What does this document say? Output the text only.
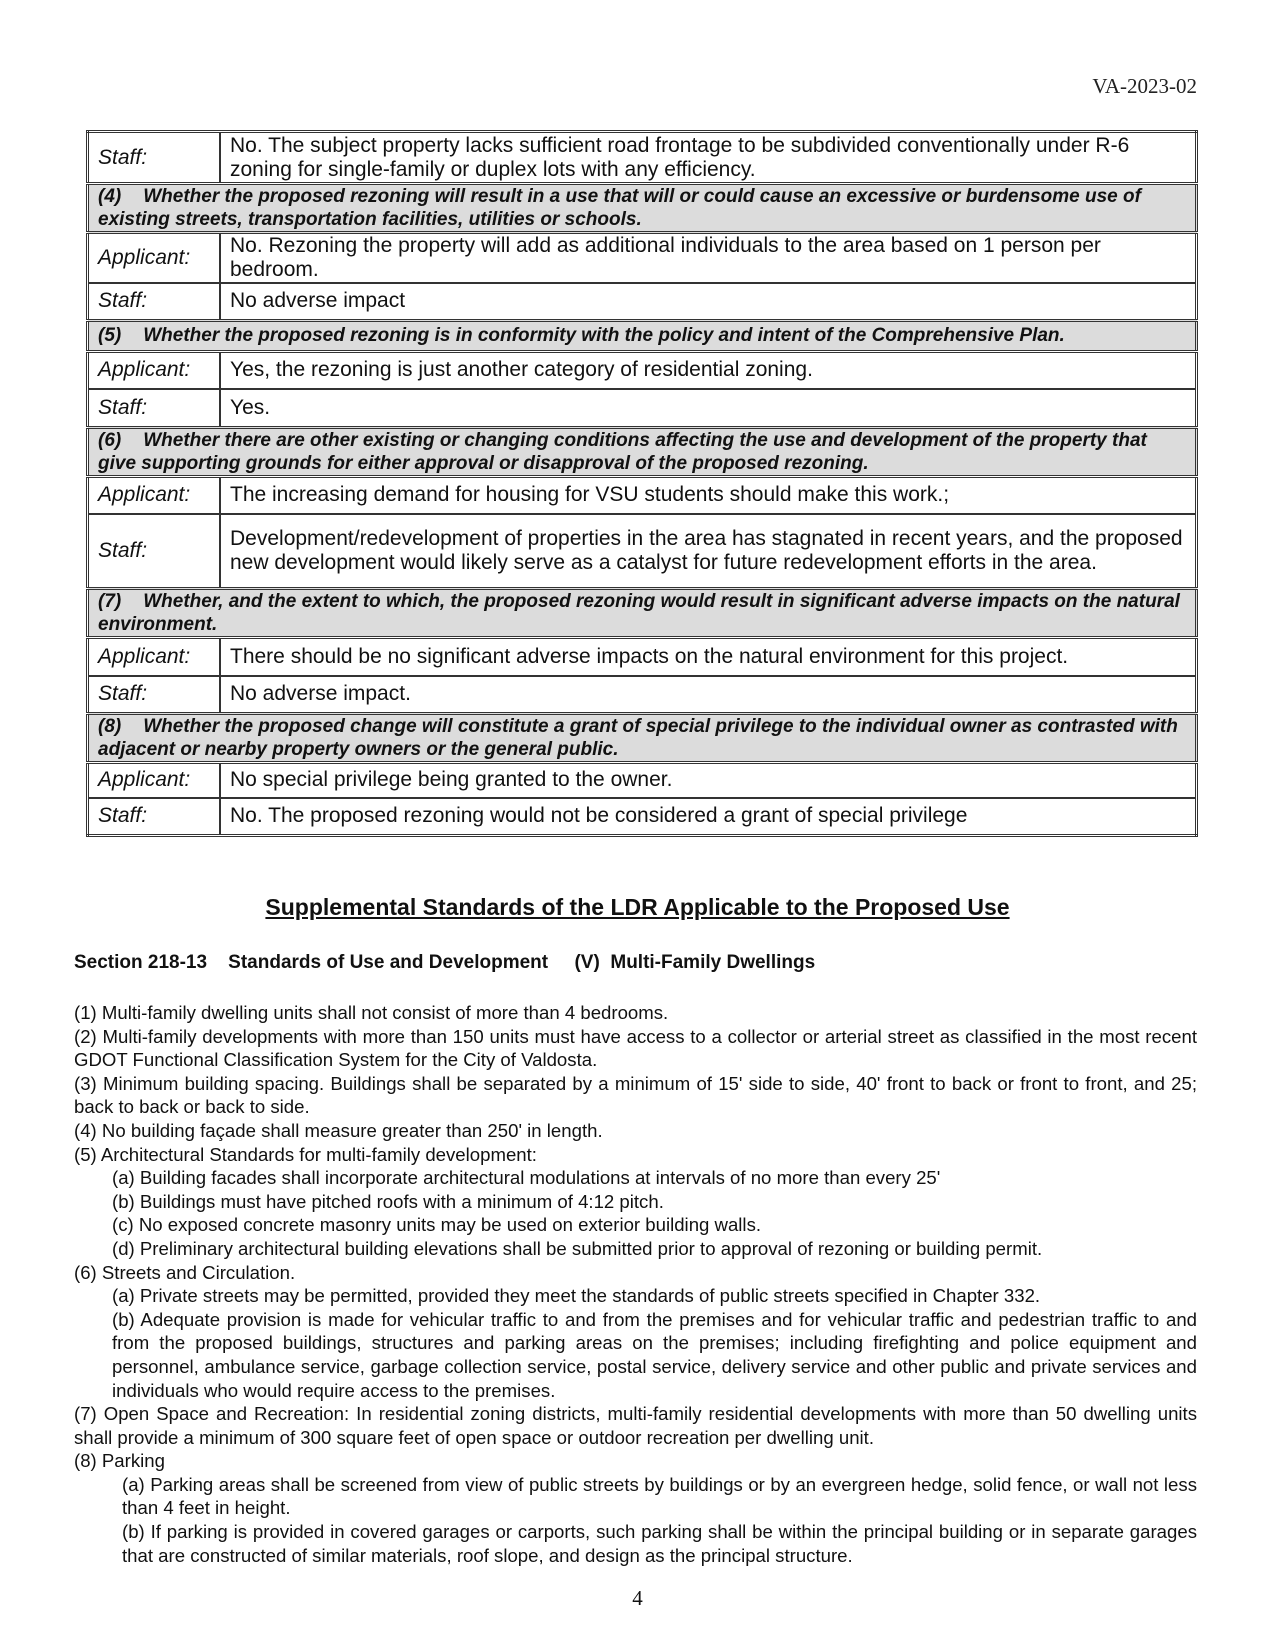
VA-2023-02
Staff:	No. The subject property lacks sufficient road frontage to be subdivided conventionally under R-6 zoning for single-family or duplex lots with any efficiency.
(4) Whether the proposed rezoning will result in a use that will or could cause an excessive or burdensome use of existing streets, transportation facilities, utilities or schools.	
Applicant:	No. Rezoning the property will add as additional individuals to the area based on 1 person per bedroom.
Staff:	No adverse impact
(5) Whether the proposed rezoning is in conformity with the policy and intent of the Comprehensive Plan.	
Applicant:	Yes, the rezoning is just another category of residential zoning.
Staff:	Yes.
(6) Whether there are other existing or changing conditions affecting the use and development of the property that give supporting grounds for either approval or disapproval of the proposed rezoning.	
Applicant:	The increasing demand for housing for VSU students should make this work.;
Staff:	Development/redevelopment of properties in the area has stagnated in recent years, and the proposed new development would likely serve as a catalyst for future redevelopment efforts in the area.
(7) Whether, and the extent to which, the proposed rezoning would result in significant adverse impacts on the natural environment.	
Applicant:	There should be no significant adverse impacts on the natural environment for this project.
Staff:	No adverse impact.
(8) Whether the proposed change will constitute a grant of special privilege to the individual owner as contrasted with adjacent or nearby property owners or the general public.	
Applicant:	No special privilege being granted to the owner.
Staff:	No. The proposed rezoning would not be considered a grant of special privilege
Supplemental Standards of the LDR Applicable to the Proposed Use
Section 218-13    Standards of Use and Development     (V)  Multi-Family Dwellings
(1) Multi-family dwelling units shall not consist of more than 4 bedrooms.
(2) Multi-family developments with more than 150 units must have access to a collector or arterial street as classified in the most recent GDOT Functional Classification System for the City of Valdosta.
(3) Minimum building spacing. Buildings shall be separated by a minimum of 15' side to side, 40' front to back or front to front, and 25; back to back or back to side.
(4) No building façade shall measure greater than 250' in length.
(5) Architectural Standards for multi-family development:
(a) Building facades shall incorporate architectural modulations at intervals of no more than every 25'
(b) Buildings must have pitched roofs with a minimum of 4:12 pitch.
(c) No exposed concrete masonry units may be used on exterior building walls.
(d) Preliminary architectural building elevations shall be submitted prior to approval of rezoning or building permit.
(6) Streets and Circulation.
(a) Private streets may be permitted, provided they meet the standards of public streets specified in Chapter 332.
(b) Adequate provision is made for vehicular traffic to and from the premises and for vehicular traffic and pedestrian traffic to and from the proposed buildings, structures and parking areas on the premises; including firefighting and police equipment and personnel, ambulance service, garbage collection service, postal service, delivery service and other public and private services and individuals who would require access to the premises.
(7) Open Space and Recreation: In residential zoning districts, multi-family residential developments with more than 50 dwelling units shall provide a minimum of 300 square feet of open space or outdoor recreation per dwelling unit.
(8) Parking
(a) Parking areas shall be screened from view of public streets by buildings or by an evergreen hedge, solid fence, or wall not less than 4 feet in height.
(b) If parking is provided in covered garages or carports, such parking shall be within the principal building or in separate garages that are constructed of similar materials, roof slope, and design as the principal structure.
4
